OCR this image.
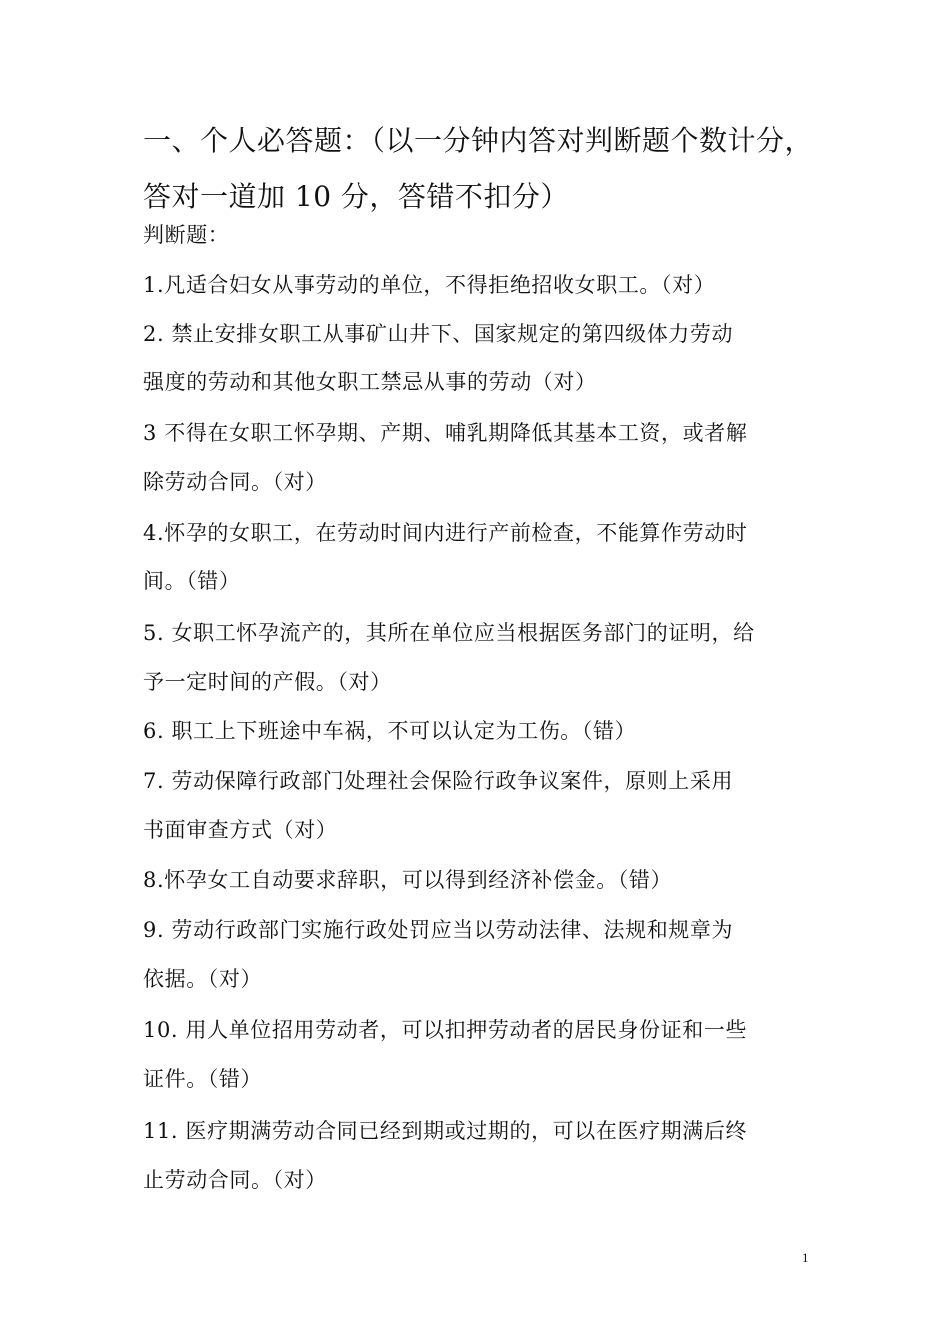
一、个人必答题：（以一分钟内答对判断题个数计分，
答对一道加 10 分，答错不扣分）
判断题：
1.凡适合妇女从事劳动的单位，不得拒绝招收女职工。（对）
2. 禁止安排女职工从事矿山井下、国家规定的第四级体力劳动
强度的劳动和其他女职工禁忌从事的劳动（对）
3 不得在女职工怀孕期、产期、哺乳期降低其基本工资，或者解
除劳动合同。（对）
4.怀孕的女职工，在劳动时间内进行产前检查，不能算作劳动时
间。（错）
5. 女职工怀孕流产的，其所在单位应当根据医务部门的证明，给
予一定时间的产假。（对）
6. 职工上下班途中车祸，不可以认定为工伤。（错）
7. 劳动保障行政部门处理社会保险行政争议案件，原则上采用
书面审查方式（对）
8.怀孕女工自动要求辞职，可以得到经济补偿金。（错）
9. 劳动行政部门实施行政处罚应当以劳动法律、法规和规章为
依据。（对）
10. 用人单位招用劳动者，可以扣押劳动者的居民身份证和一些
证件。（错）
11. 医疗期满劳动合同已经到期或过期的，可以在医疗期满后终
止劳动合同。（对）
1
